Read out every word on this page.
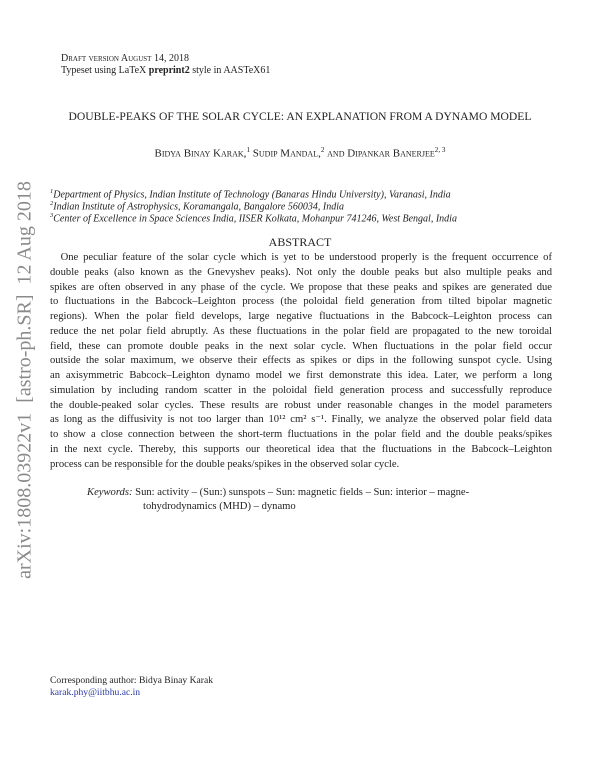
Draft version August 14, 2018
Typeset using LaTeX preprint2 style in AASTeX61
DOUBLE-PEAKS OF THE SOLAR CYCLE: AN EXPLANATION FROM A DYNAMO MODEL
Bidya Binay Karak,$^1$ Sudip Mandal,$^2$ and Dipankar Banerjee$^{2, 3}$
$^1$Department of Physics, Indian Institute of Technology (Banaras Hindu University), Varanasi, India
$^2$Indian Institute of Astrophysics, Koramangala, Bangalore 560034, India
$^3$Center of Excellence in Space Sciences India, IISER Kolkata, Mohanpur 741246, West Bengal, India
ABSTRACT
 One peculiar feature of the solar cycle which is yet to be understood properly is the frequent occurrence of
double peaks (also known as the Gnevyshev peaks). Not only the double peaks but also multiple peaks and
spikes are often observed in any phase of the cycle. We propose that these peaks and spikes are generated due
to fluctuations in the Babcock–Leighton process (the poloidal field generation from tilted bipolar magnetic
regions). When the polar field develops, large negative fluctuations in the Babcock–Leighton process can
reduce the net polar field abruptly. As these fluctuations in the polar field are propagated to the new toroidal
field, these can promote double peaks in the next solar cycle. When fluctuations in the polar field occur
outside the solar maximum, we observe their effects as spikes or dips in the following sunspot cycle. Using
an axisymmetric Babcock–Leighton dynamo model we first demonstrate this idea. Later, we perform a long
simulation by including random scatter in the poloidal field generation process and successfully reproduce
the double-peaked solar cycles. These results are robust under reasonable changes in the model parameters
as long as the diffusivity is not too larger than 10¹² cm² s⁻¹. Finally, we analyze the observed polar field data
to show a close connection between the short-term fluctuations in the polar field and the double peaks/spikes
in the next cycle. Thereby, this supports our theoretical idea that the fluctuations in the Babcock–Leighton
process can be responsible for the double peaks/spikes in the observed solar cycle.
Keywords: Sun: activity – (Sun:) sunspots – Sun: magnetic fields – Sun: interior – magne-
tohydrodynamics (MHD) – dynamo
arXiv:1808.03922v1  [astro-ph.SR]  12 Aug 2018
Corresponding author: Bidya Binay Karak
karak.phy@iitbhu.ac.in
